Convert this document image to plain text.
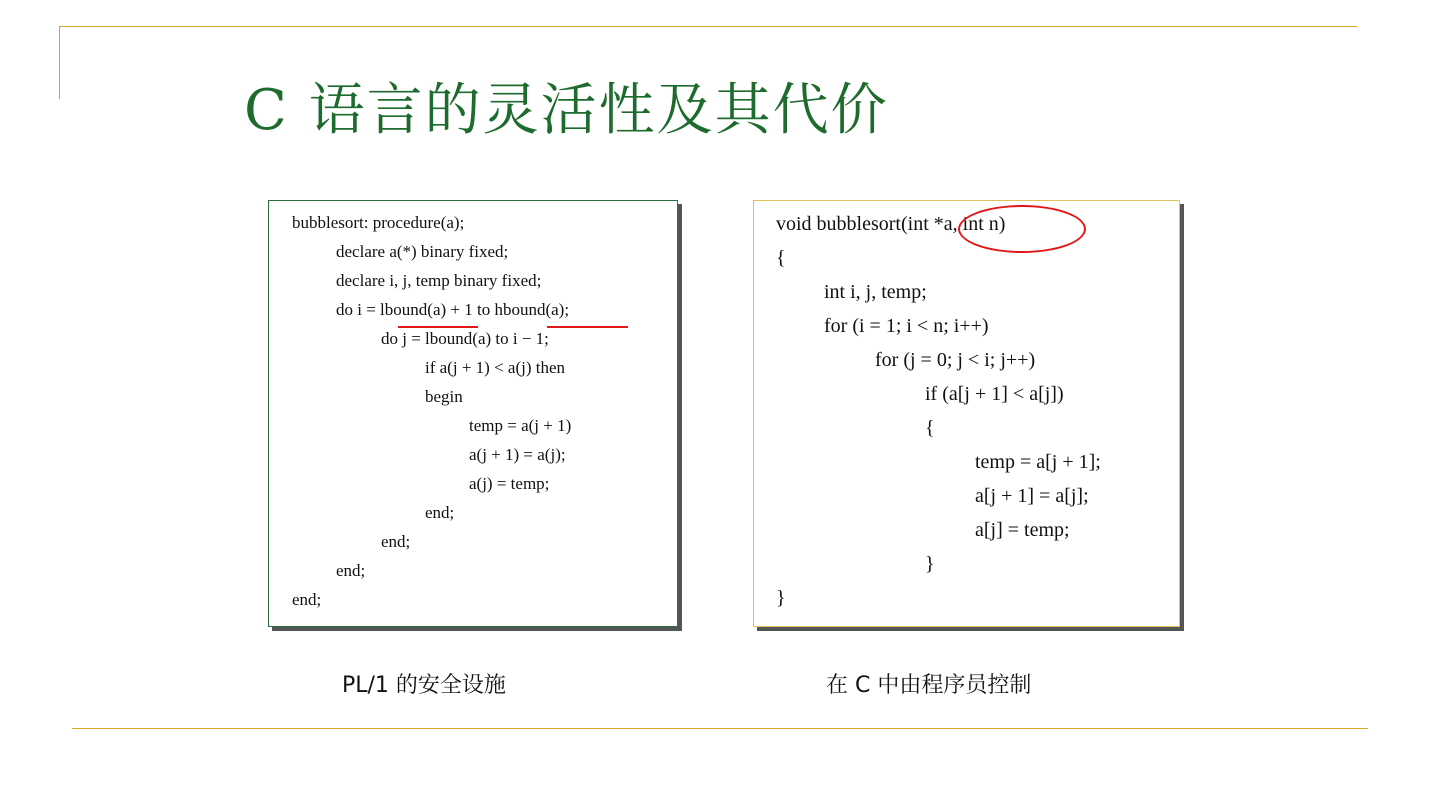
C 语言的灵活性及其代价
bubblesort: procedure(a);
declare a(*) binary fixed;
declare i, j, temp binary fixed;
do i = lbound(a) + 1 to hbound(a);
do j = lbound(a) to i − 1;
if a(j + 1) < a(j) then
begin
temp = a(j + 1)
a(j + 1) = a(j);
a(j) = temp;
end;
end;
end;
end;
void bubblesort(int *a, int n)
{
int i, j, temp;
for (i = 1; i < n; i++)
for (j = 0; j < i; j++)
if (a[j + 1] < a[j])
{
temp = a[j + 1];
a[j + 1] = a[j];
a[j] = temp;
}
}
PL/1 的安全设施	在 C 中由程序员控制
